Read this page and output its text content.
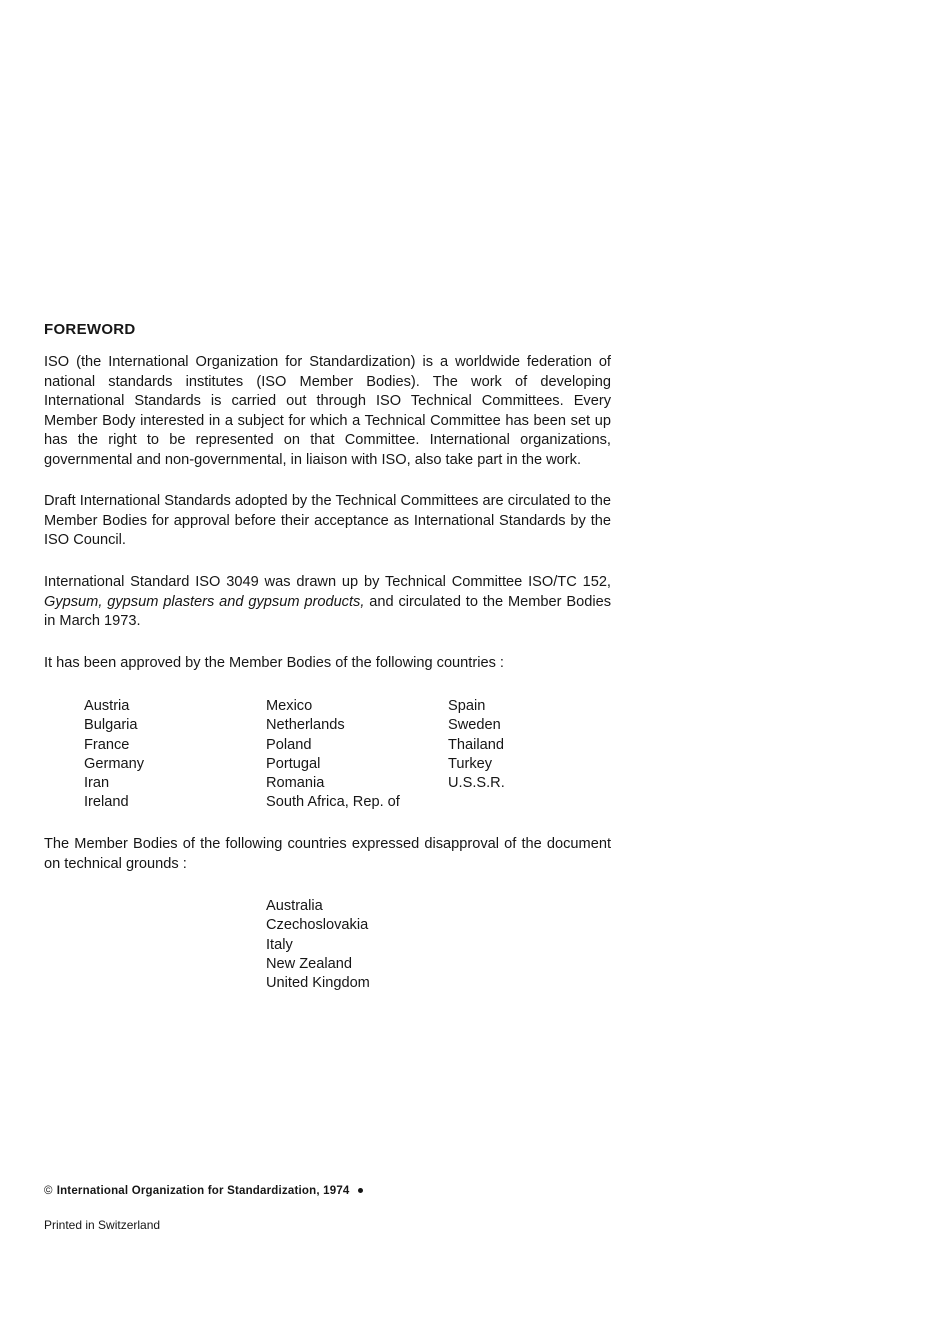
FOREWORD

ISO (the International Organization for Standardization) is a worldwide federation of national standards institutes (ISO Member Bodies). The work of developing International Standards is carried out through ISO Technical Committees. Every Member Body interested in a subject for which a Technical Committee has been set up has the right to be represented on that Committee. International organizations, governmental and non-governmental, in liaison with ISO, also take part in the work.

Draft International Standards adopted by the Technical Committees are circulated to the Member Bodies for approval before their acceptance as International Standards by the ISO Council.

International Standard ISO 3049 was drawn up by Technical Committee ISO/TC 152, Gypsum, gypsum plasters and gypsum products, and circulated to the Member Bodies in March 1973.

It has been approved by the Member Bodies of the following countries :

Austria
Bulgaria
France
Germany
Iran
Ireland
Mexico
Netherlands
Poland
Portugal
Romania
South Africa, Rep. of
Spain
Sweden
Thailand
Turkey
U.S.S.R.

The Member Bodies of the following countries expressed disapproval of the document on technical grounds :

Australia
Czechoslovakia
Italy
New Zealand
United Kingdom
© International Organization for Standardization, 1974
Printed in Switzerland
